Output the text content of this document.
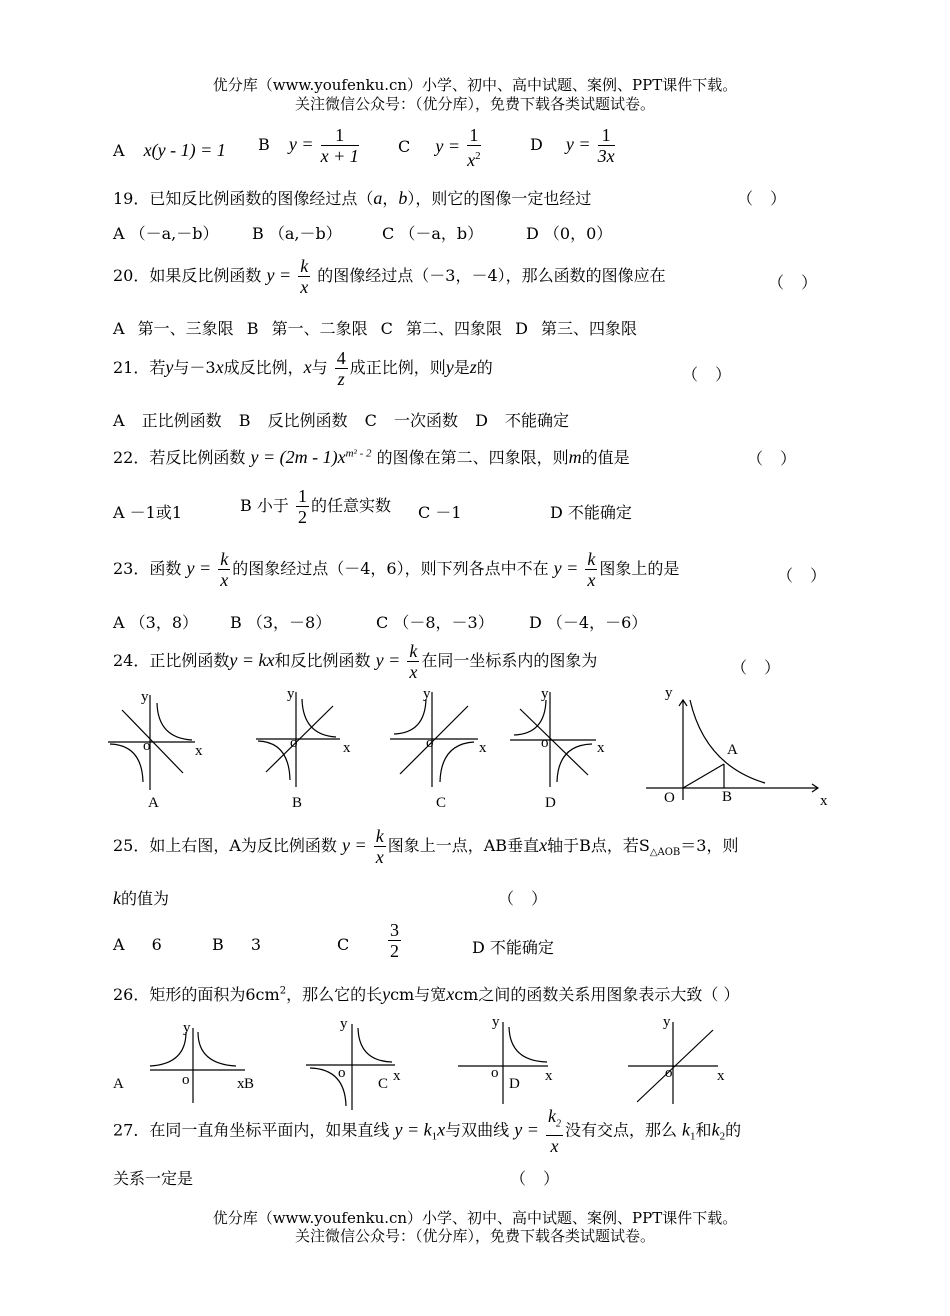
优分库（www.youfenku.cn）小学、初中、高中试题、案例、PPT课件下载。
关注微信公众号：（优分库），免费下载各类试题试卷。
A x(y - 1) = 1 B $y = \frac{1}{x + 1}$ C $y = \frac{1}{x^2}$	D $y = \frac{1}{3x}$
19．已知反比例函数的图像经过点（a，b），则它的图像一定也经过	（ ）
A （－a,－b） B （a,－b）	C （－a，b）	D （0，0）
20．如果反比例函数 $y = \frac{k}{x}$ 的图像经过点（－3，－4），那么函数的图像应在	（ ）
A 第一、三象限 B 第一、二象限 C 第二、四象限 D 第三、四象限
21．若y与－3x成反比例，x与 $\frac{4}{z}$ 成正比例，则y是z的	（ ）
A 正比例函数 B 反比例函数 C 一次函数 D 不能确定
22．若反比例函数 $y = (2m - 1)x^{m^2 - 2}$ 的图像在第二、四象限，则m的值是	（ ）
A －1或1	B 小于 $\frac{1}{2}$ 的任意实数 C －1	D 不能确定
23．函数 $y = \frac{k}{x}$ 的图象经过点（－4，6），则下列各点中不在 $y = \frac{k}{x}$ 图象上的是	（ ）
A （3，8） B （3，－8）	C （－8，－3） D （－4，－6）
24．正比例函数y = kx和反比例函数 $y = \frac{k}{x}$ 在同一坐标系内的图象为	（ ）
y
x
o
A
y
x
o
B
y
x
o
C
y
x
o
D
y
x
O
A
B
25．如上右图，A为反比例函数 $y = \frac{k}{x}$ 图象上一点，AB垂直x轴于B点，若$S_{\triangle AOB}=3$，则
k的值为	（ ）
A 6	B 3	C $\frac{3}{2}$	D 不能确定
26．矩形的面积为$6cm^2$，那么它的长ycm与宽xcm之间的函数关系用图象表示大致（ ）
A
y
o	x B
y
o	x
C
y
o	x
D
y
o	x
27．在同一直角坐标平面内，如果直线 $y = k_1x$与双曲线 $y = \frac{k_2}{x}$ 没有交点，那么 $k_1$和$k_2$的
关系一定是	（ ）
优分库（www.youfenku.cn）小学、初中、高中试题、案例、PPT课件下载。
关注微信公众号：（优分库），免费下载各类试题试卷。
